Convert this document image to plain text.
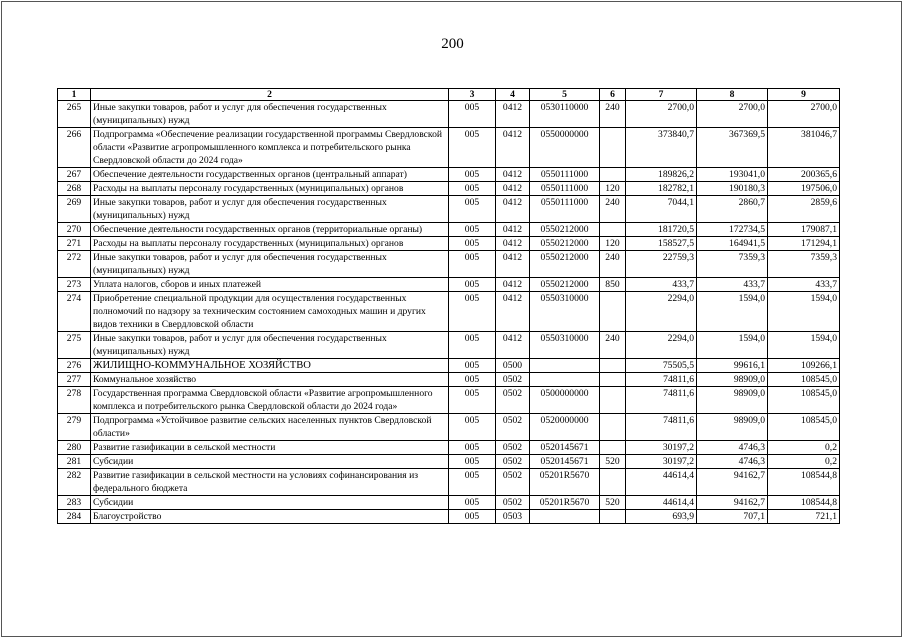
200
1	2	3	4	5	6	7	8	9
265	Иные закупки товаров, работ и услуг для обеспечения государственных (муниципальных) нужд	005	0412	0530110000	240	2700,0	2700,0	2700,0
266	Подпрограмма «Обеспечение реализации государственной программы Свердловской области «Развитие агропромышленного комплекса и потребительского рынка Свердловской области до 2024 года»	005	0412	0550000000		373840,7	367369,5	381046,7
267	Обеспечение деятельности государственных органов (центральный аппарат)	005	0412	0550111000		189826,2	193041,0	200365,6
268	Расходы на выплаты персоналу государственных (муниципальных) органов	005	0412	0550111000	120	182782,1	190180,3	197506,0
269	Иные закупки товаров, работ и услуг для обеспечения государственных (муниципальных) нужд	005	0412	0550111000	240	7044,1	2860,7	2859,6
270	Обеспечение деятельности государственных органов (территориальные органы)	005	0412	0550212000		181720,5	172734,5	179087,1
271	Расходы на выплаты персоналу государственных (муниципальных) органов	005	0412	0550212000	120	158527,5	164941,5	171294,1
272	Иные закупки товаров, работ и услуг для обеспечения государственных (муниципальных) нужд	005	0412	0550212000	240	22759,3	7359,3	7359,3
273	Уплата налогов, сборов и иных платежей	005	0412	0550212000	850	433,7	433,7	433,7
274	Приобретение специальной продукции для осуществления государственных полномочий по надзору за техническим состоянием самоходных машин и других видов техники в Свердловской области	005	0412	0550310000		2294,0	1594,0	1594,0
275	Иные закупки товаров, работ и услуг для обеспечения государственных (муниципальных) нужд	005	0412	0550310000	240	2294,0	1594,0	1594,0
276	ЖИЛИЩНО-КОММУНАЛЬНОЕ ХОЗЯЙСТВО	005	0500			75505,5	99616,1	109266,1
277	Коммунальное хозяйство	005	0502			74811,6	98909,0	108545,0
278	Государственная программа Свердловской области «Развитие агропромышленного комплекса и потребительского рынка Свердловской области до 2024 года»	005	0502	0500000000		74811,6	98909,0	108545,0
279	Подпрограмма «Устойчивое развитие сельских населенных пунктов Свердловской области»	005	0502	0520000000		74811,6	98909,0	108545,0
280	Развитие газификации в сельской местности	005	0502	0520145671		30197,2	4746,3	0,2
281	Субсидии	005	0502	0520145671	520	30197,2	4746,3	0,2
282	Развитие газификации в сельской местности на условиях софинансирования из федерального бюджета	005	0502	05201R5670		44614,4	94162,7	108544,8
283	Субсидии	005	0502	05201R5670	520	44614,4	94162,7	108544,8
284	Благоустройство	005	0503			693,9	707,1	721,1
